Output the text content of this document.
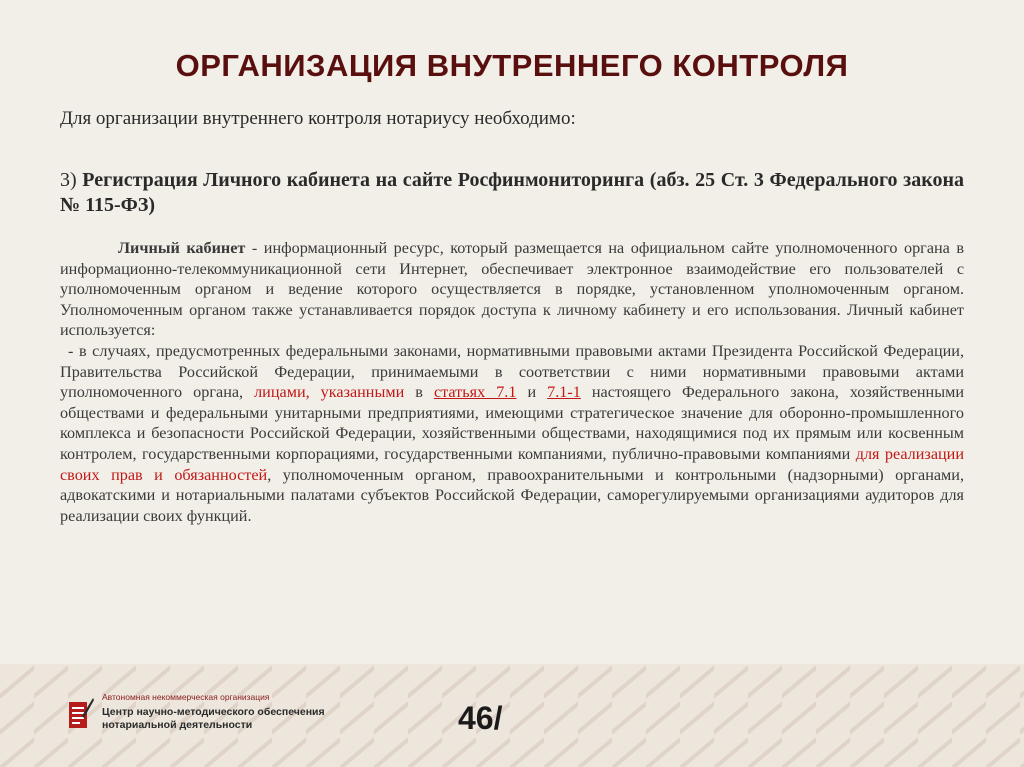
ОРГАНИЗАЦИЯ ВНУТРЕННЕГО КОНТРОЛЯ
Для организации внутреннего контроля нотариусу необходимо:
3) Регистрация Личного кабинета на сайте Росфинмониторинга (абз. 25 Ст. 3 Федерального закона № 115-ФЗ)

Личный кабинет - информационный ресурс, который размещается на официальном сайте уполномоченного органа в информационно-телекоммуникационной сети Интернет, обеспечивает электронное взаимодействие его пользователей с уполномоченным органом и ведение которого осуществляется в порядке, установленном уполномоченным органом. Уполномоченным органом также устанавливается порядок доступа к личному кабинету и его использования. Личный кабинет используется:

- в случаях, предусмотренных федеральными законами, нормативными правовыми актами Президента Российской Федерации, Правительства Российской Федерации, принимаемыми в соответствии с ними нормативными правовыми актами уполномоченного органа, лицами, указанными в статьях 7.1 и 7.1-1 настоящего Федерального закона, хозяйственными обществами и федеральными унитарными предприятиями, имеющими стратегическое значение для оборонно-промышленного комплекса и безопасности Российской Федерации, хозяйственными обществами, находящимися под их прямым или косвенным контролем, государственными корпорациями, государственными компаниями, публично-правовыми компаниями для реализации своих прав и обязанностей, уполномоченным органом, правоохранительными и контрольными (надзорными) органами, адвокатскими и нотариальными палатами субъектов Российской Федерации, саморегулируемыми организациями аудиторов для реализации своих функций.

Автономная некоммерческая организация
Центр научно-методического обеспечения
нотариальной деятельности	46/
